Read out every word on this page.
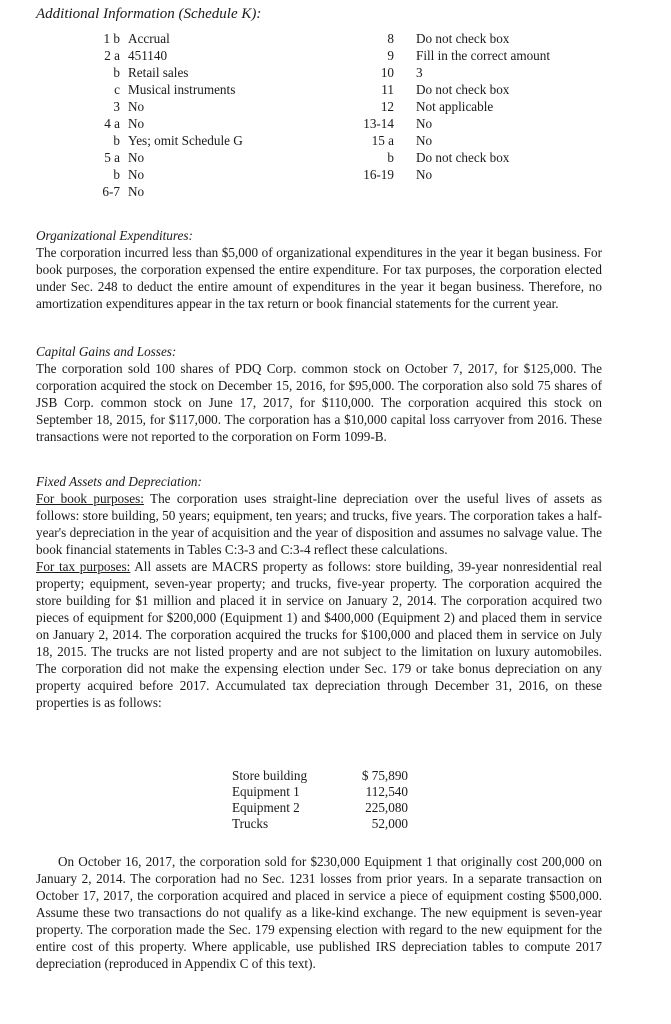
Additional Information (Schedule K):
1 b	Accrual	8	Do not check box
2 a	451140	9	Fill in the correct amount
b	Retail sales	10	3
c	Musical instruments	11	Do not check box
3	No	12	Not applicable
4 a	No	13-14	No
b	Yes; omit Schedule G	15 a	No
5 a	No	b	Do not check box
b	No	16-19	No
6-7	No		

Organizational Expenditures:

The corporation incurred less than $5,000 of organizational expenditures in the year it began business. For book purposes, the corporation expensed the entire expenditure. For tax purposes, the corporation elected under Sec. 248 to deduct the entire amount of expenditures in the year it began business. Therefore, no amortization expenditures appear in the tax return or book financial statements for the current year.

Capital Gains and Losses:

The corporation sold 100 shares of PDQ Corp. common stock on October 7, 2017, for $125,000. The corporation acquired the stock on December 15, 2016, for $95,000. The corporation also sold 75 shares of JSB Corp. common stock on June 17, 2017, for $110,000. The corporation acquired this stock on September 18, 2015, for $117,000. The corporation has a $10,000 capital loss carryover from 2016. These transactions were not reported to the corporation on Form 1099-B.

Fixed Assets and Depreciation:

For book purposes: The corporation uses straight-line depreciation over the useful lives of assets as follows: store building, 50 years; equipment, ten years; and trucks, five years. The corporation takes a half-year's depreciation in the year of acquisition and the year of disposition and assumes no salvage value. The book financial statements in Tables C:3-3 and C:3-4 reflect these calculations.

For tax purposes: All assets are MACRS property as follows: store building, 39-year nonresidential real property; equipment, seven-year property; and trucks, five-year property. The corporation acquired the store building for $1 million and placed it in service on January 2, 2014. The corporation acquired two pieces of equipment for $200,000 (Equipment 1) and $400,000 (Equipment 2) and placed them in service on January 2, 2014. The corporation acquired the trucks for $100,000 and placed them in service on July 18, 2015. The trucks are not listed property and are not subject to the limitation on luxury automobiles. The corporation did not make the expensing election under Sec. 179 or take bonus depreciation on any property acquired before 2017. Accumulated tax depreciation through December 31, 2016, on these properties is as follows:

Store building	$ 75,890
Equipment 1	112,540
Equipment 2	225,080
Trucks	52,000

On October 16, 2017, the corporation sold for $230,000 Equipment 1 that originally cost 200,000 on January 2, 2014. The corporation had no Sec. 1231 losses from prior years. In a separate transaction on October 17, 2017, the corporation acquired and placed in service a piece of equipment costing $500,000. Assume these two transactions do not qualify as a like-kind exchange. The new equipment is seven-year property. The corporation made the Sec. 179 expensing election with regard to the new equipment for the entire cost of this property. Where applicable, use published IRS depreciation tables to compute 2017 depreciation (reproduced in Appendix C of this text).
